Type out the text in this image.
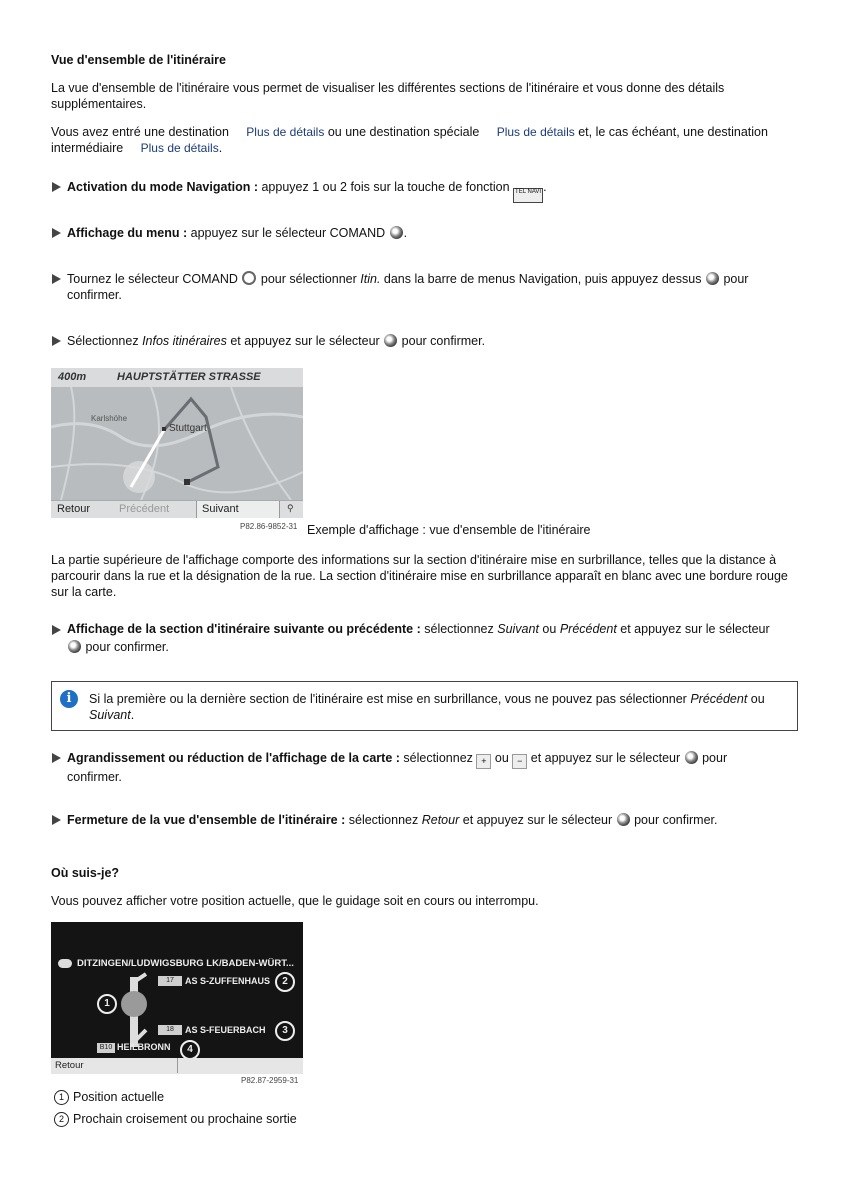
Vue d'ensemble de l'itinéraire
La vue d'ensemble de l'itinéraire vous permet de visualiser les différentes sections de l'itinéraire et vous donne des détails supplémentaires.
Vous avez entré une destination Plus de détails ou une destination spéciale Plus de détails et, le cas échéant, une destination
intermédiaire Plus de détails.
Activation du mode Navigation : appuyez 1 ou 2 fois sur la touche de fonction TEL NAVI .
Affichage du menu : appuyez sur le sélecteur COMAND .
Tournez le sélecteur COMAND pour sélectionner Itin. dans la barre de menus Navigation, puis appuyez dessus pour
confirmer.
Sélectionnez Infos itinéraires et appuyez sur le sélecteur pour confirmer.
400m	HAUPTSTÄTTER STRASSE
Stuttgart
Karlshöhe
Retour	Précédent	Suivant	⚲
P82.86-9852-31 Exemple d'affichage : vue d'ensemble de l'itinéraire
La partie supérieure de l'affichage comporte des informations sur la section d'itinéraire mise en surbrillance, telles que la distance à parcourir dans la rue et la désignation de la rue. La section d'itinéraire mise en surbrillance apparaît en blanc avec une bordure rouge sur la carte.
Affichage de la section d'itinéraire suivante ou précédente : sélectionnez Suivant ou Précédent et appuyez sur le sélecteur
pour confirmer.
i	Si la première ou la dernière section de l'itinéraire est mise en surbrillance, vous ne pouvez pas sélectionner Précédent ou Suivant.
Agrandissement ou réduction de l'affichage de la carte : sélectionnez + ou − et appuyez sur le sélecteur pour
confirmer.
Fermeture de la vue d'ensemble de l'itinéraire : sélectionnez Retour et appuyez sur le sélecteur pour confirmer.
Où suis-je?
Vous pouvez afficher votre position actuelle, que le guidage soit en cours ou interrompu.
DITZINGEN/LUDWIGSBURG LK/BADEN-WÜRT...
17	AS S-ZUFFENHAUS	2
1
18	AS S-FEUERBACH	3
B10 HEILBRONN	4
Retour
P82.87-2959-31
1 Position actuelle
2 Prochain croisement ou prochaine sortie
